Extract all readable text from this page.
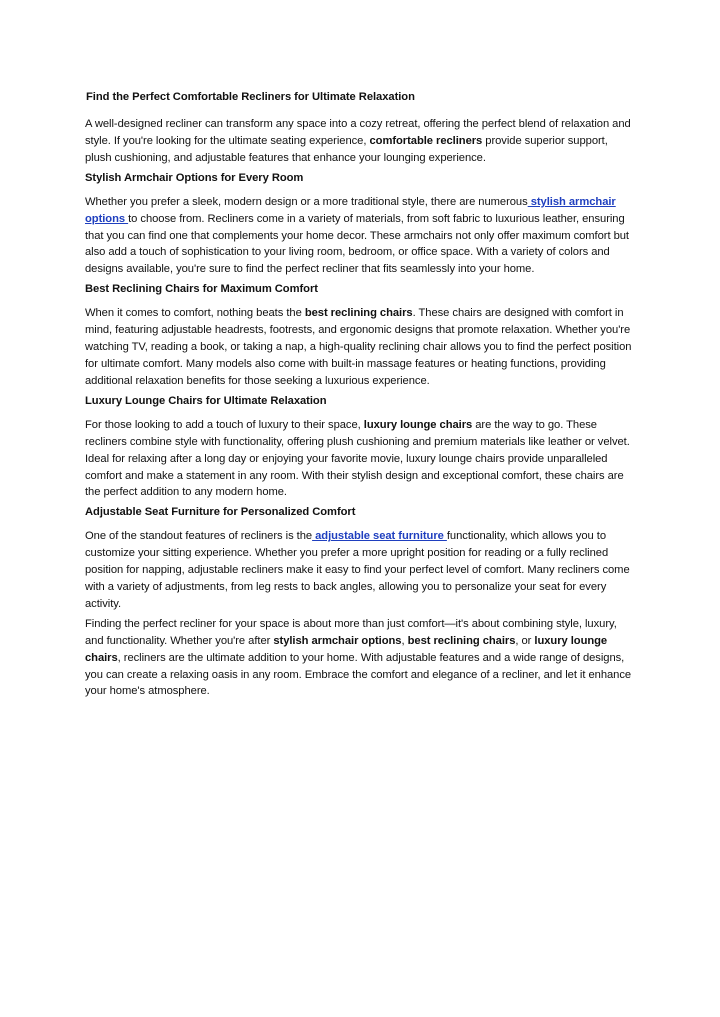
Find the Perfect Comfortable Recliners for Ultimate Relaxation

A well-designed recliner can transform any space into a cozy retreat, offering the perfect blend of relaxation and style. If you're looking for the ultimate seating experience, comfortable recliners provide superior support, plush cushioning, and adjustable features that enhance your lounging experience.

Stylish Armchair Options for Every Room

Whether you prefer a sleek, modern design or a more traditional style, there are numerous stylish armchair options to choose from. Recliners come in a variety of materials, from soft fabric to luxurious leather, ensuring that you can find one that complements your home decor. These armchairs not only offer maximum comfort but also add a touch of sophistication to your living room, bedroom, or office space. With a variety of colors and designs available, you're sure to find the perfect recliner that fits seamlessly into your home.

Best Reclining Chairs for Maximum Comfort

When it comes to comfort, nothing beats the best reclining chairs. These chairs are designed with comfort in mind, featuring adjustable headrests, footrests, and ergonomic designs that promote relaxation. Whether you're watching TV, reading a book, or taking a nap, a high-quality reclining chair allows you to find the perfect position for ultimate comfort. Many models also come with built-in massage features or heating functions, providing additional relaxation benefits for those seeking a luxurious experience.

Luxury Lounge Chairs for Ultimate Relaxation

For those looking to add a touch of luxury to their space, luxury lounge chairs are the way to go. These recliners combine style with functionality, offering plush cushioning and premium materials like leather or velvet. Ideal for relaxing after a long day or enjoying your favorite movie, luxury lounge chairs provide unparalleled comfort and make a statement in any room. With their stylish design and exceptional comfort, these chairs are the perfect addition to any modern home.

Adjustable Seat Furniture for Personalized Comfort

One of the standout features of recliners is the adjustable seat furniture functionality, which allows you to customize your sitting experience. Whether you prefer a more upright position for reading or a fully reclined position for napping, adjustable recliners make it easy to find your perfect level of comfort. Many recliners come with a variety of adjustments, from leg rests to back angles, allowing you to personalize your seat for every activity.

Finding the perfect recliner for your space is about more than just comfort—it's about combining style, luxury, and functionality. Whether you're after stylish armchair options, best reclining chairs, or luxury lounge chairs, recliners are the ultimate addition to your home. With adjustable features and a wide range of designs, you can create a relaxing oasis in any room. Embrace the comfort and elegance of a recliner, and let it enhance your home's atmosphere.
